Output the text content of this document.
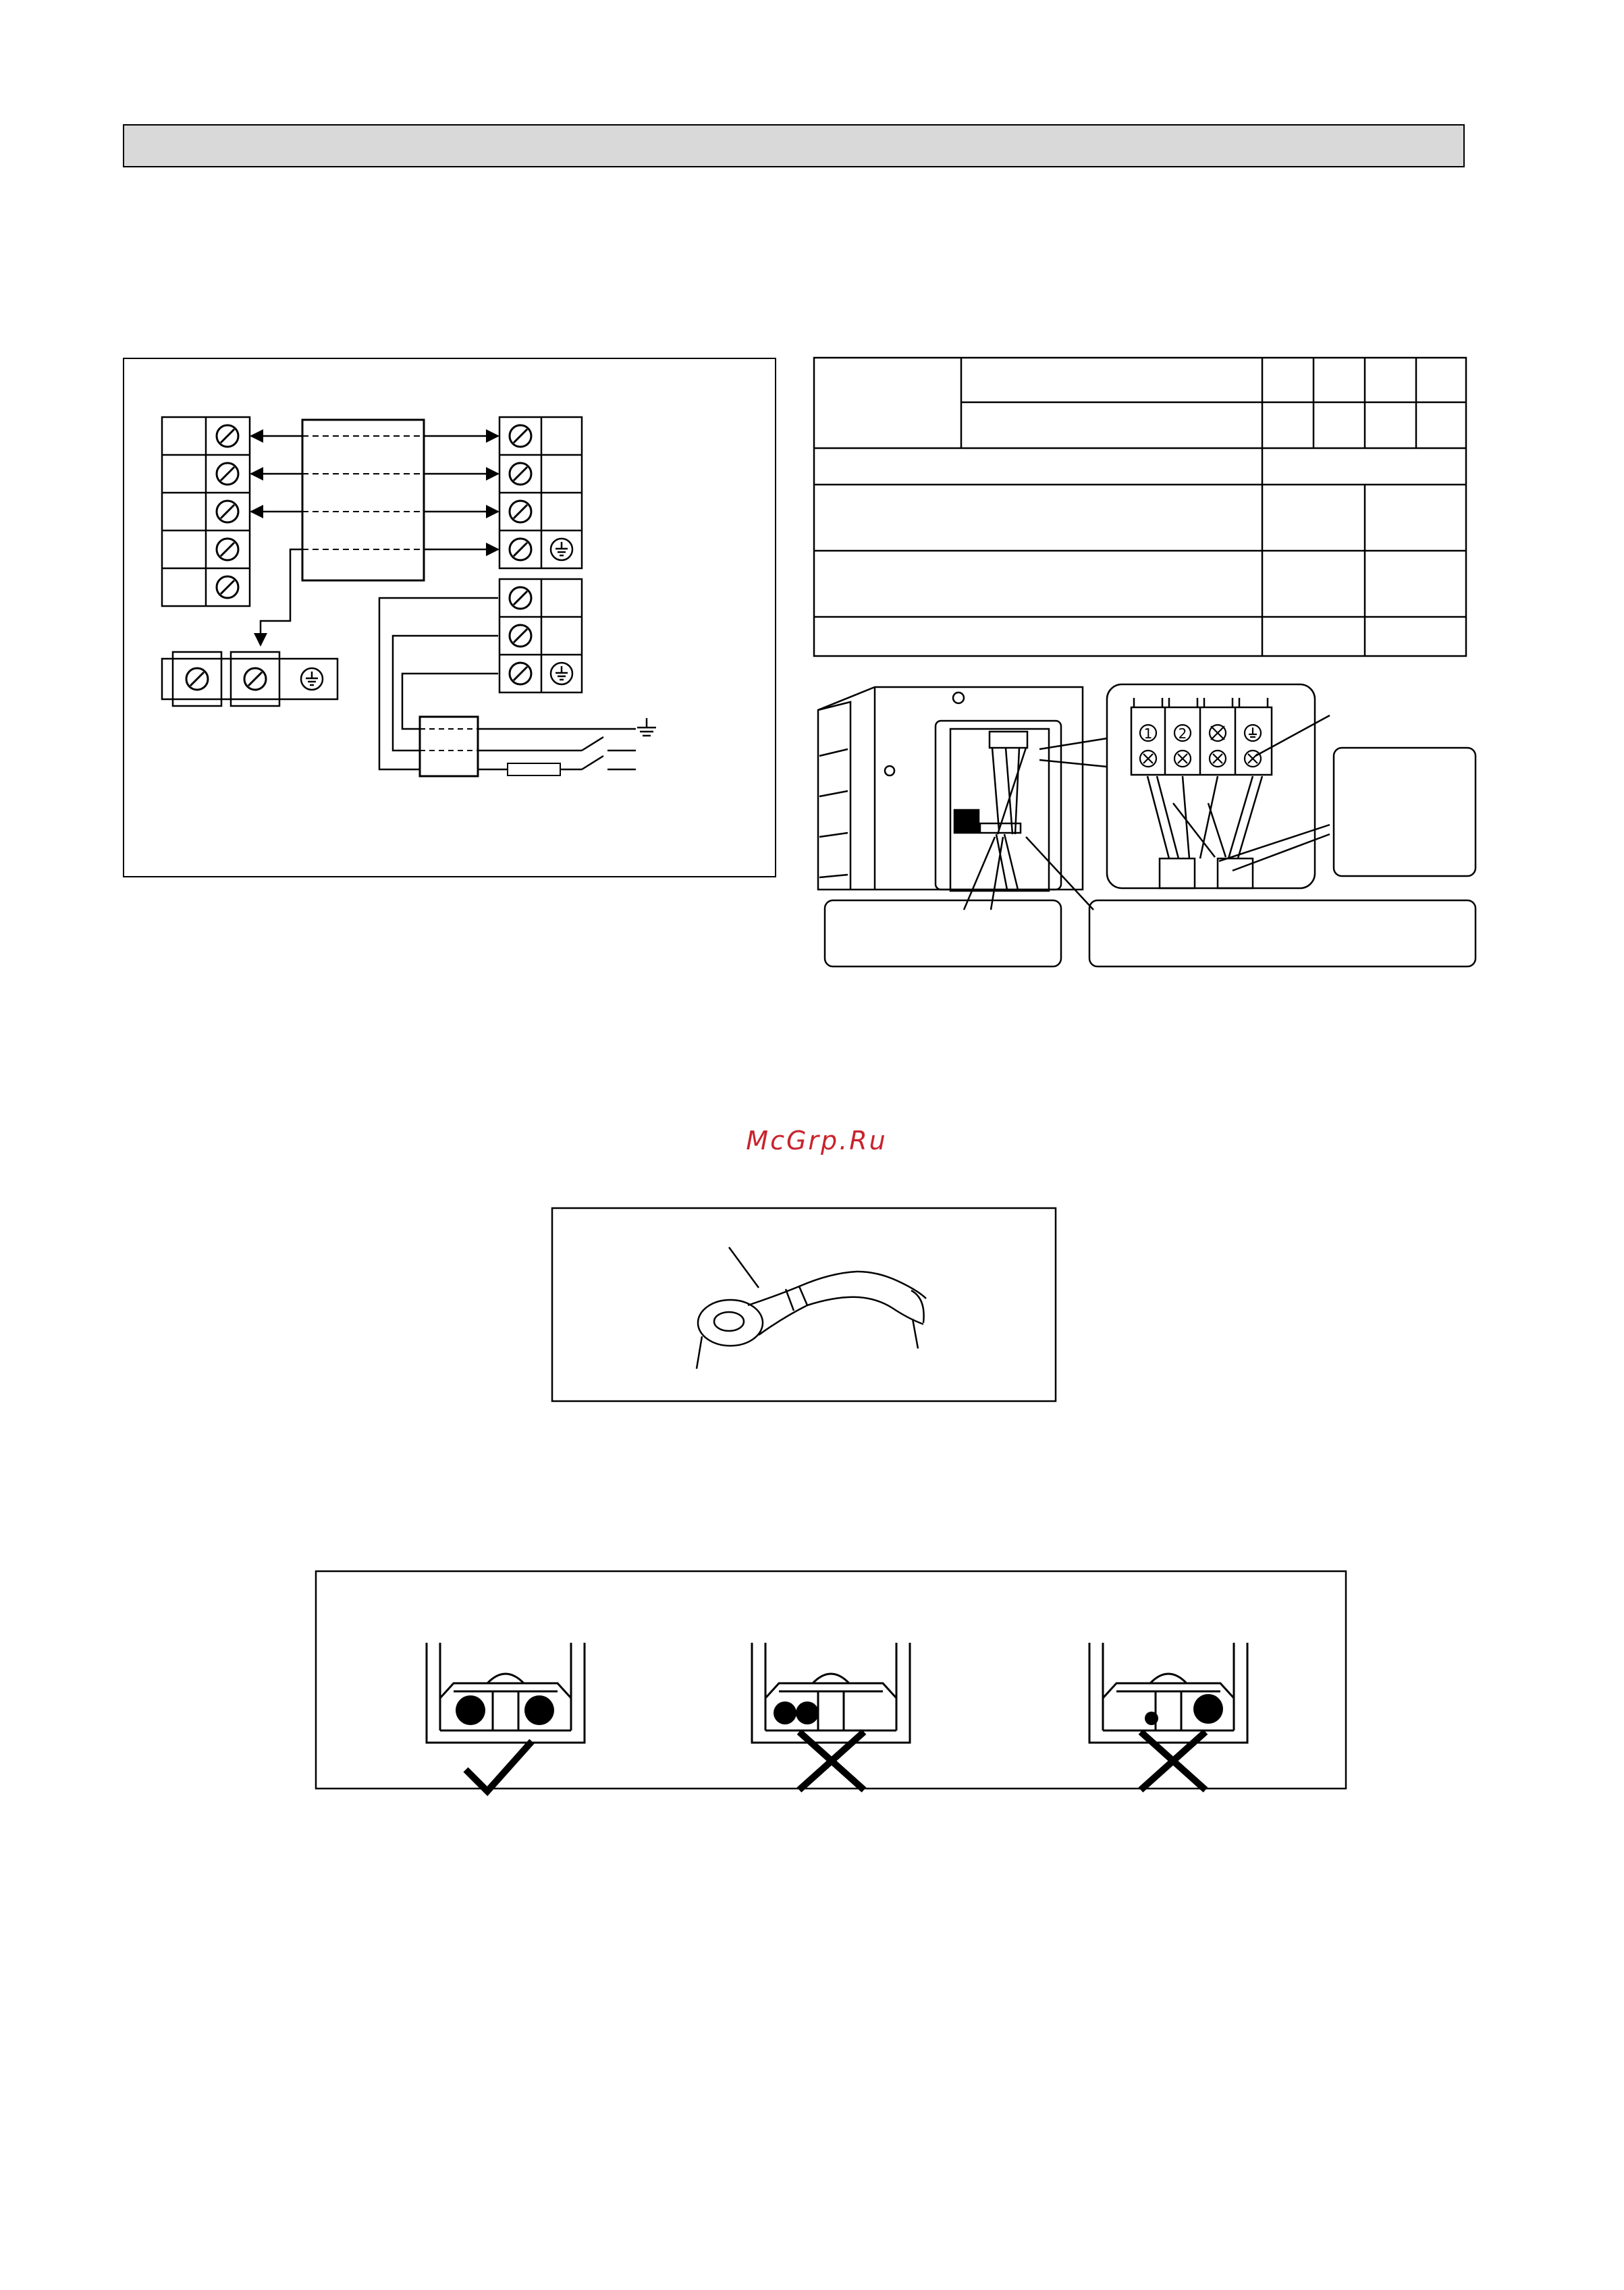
1 2
McGrp.Ru
